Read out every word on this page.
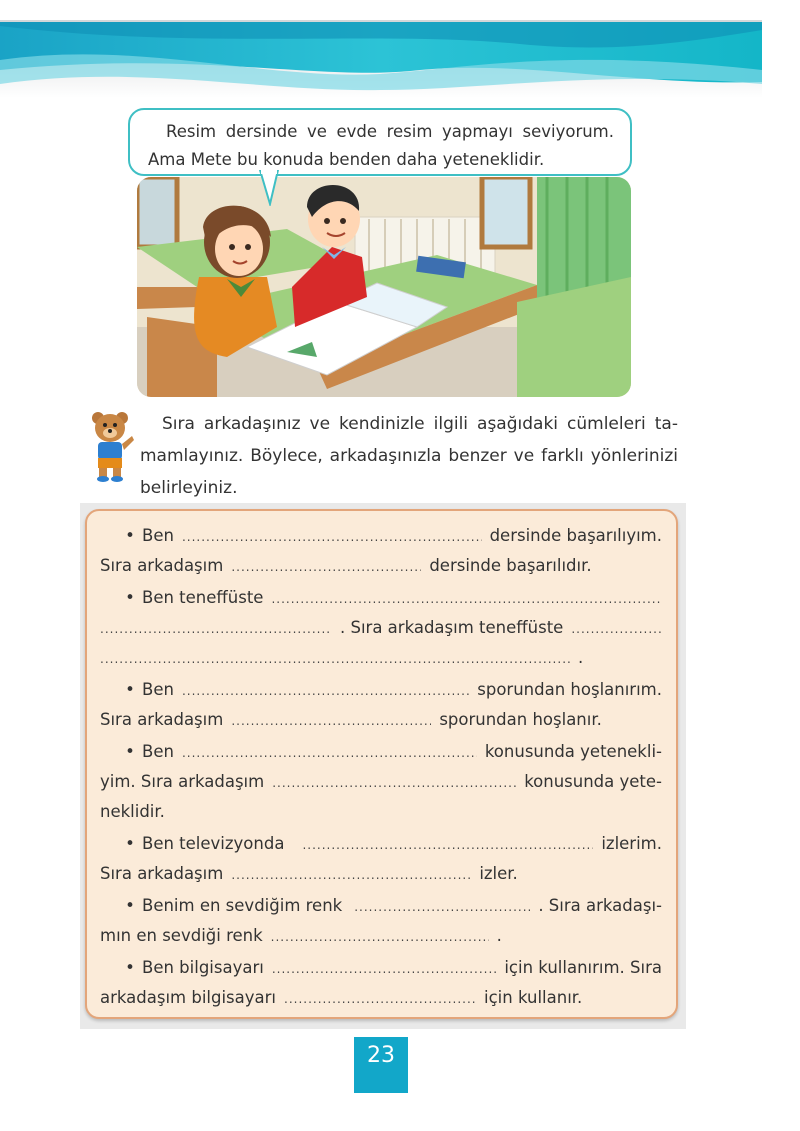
Resim dersinde ve evde resim yapmayı seviyorum.
Ama Mete bu konuda benden daha yeteneklidir.
Sıra arkadaşınız ve kendinizle ilgili aşağıdaki cümleleri ta- mamlayınız. Böylece, arkadaşınızla benzer ve farklı yönlerinizi belirleyiniz.
• Ben .....	dersinde başarılıyım.
Sıra arkadaşım .....	dersinde başarılıdır.
• Ben teneffüste
.....
.....
. Sıra arkadaşım teneffüste
.....
.....
.
• Ben .....	sporundan hoşlanırım.
Sıra arkadaşım .....	sporundan hoşlanır.
• Ben .....	konusunda yetenekli-
yim. Sıra arkadaşım .....	konusunda yete-
neklidir.
• Ben televizyonda .....	izlerim.
Sıra arkadaşım .....	izler.
• Benim en sevdiğim renk .....	. Sıra arkadaşı-
mın en sevdiği renk .....	.
• Ben bilgisayarı .....	için kullanırım. Sıra
arkadaşım bilgisayarı .....	için kullanır.
23
